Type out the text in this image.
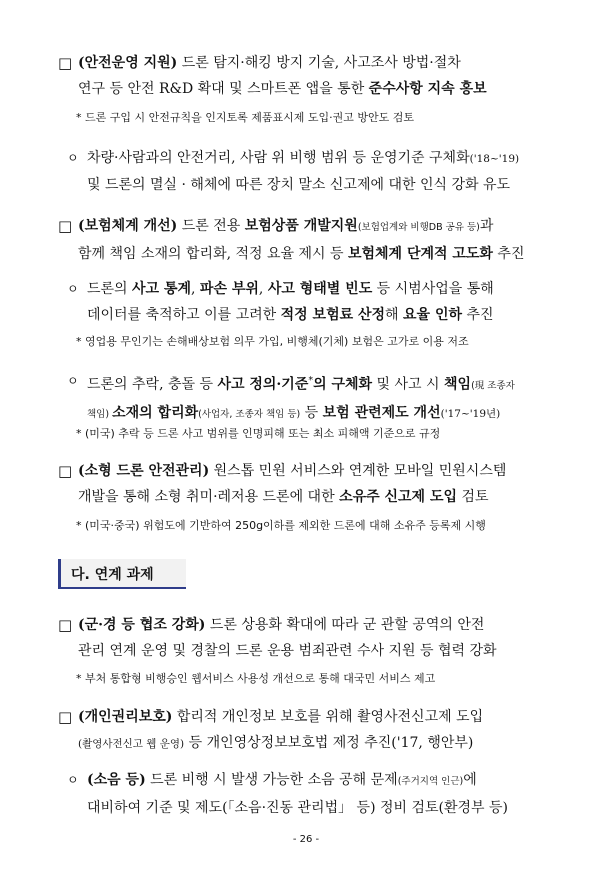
□ (안전운영 지원) 드론 탐지·해킹 방지 기술, 사고조사 방법·절차
연구 등 안전 R&D 확대 및 스마트폰 앱을 통한 준수사항 지속 홍보
* 드론 구입 시 안전규칙을 인지토록 제품표시제 도입·권고 방안도 검토
ㅇ 차량·사람과의 안전거리, 사람 위 비행 범위 등 운영기준 구체화('18~'19)
및 드론의 멸실 · 해체에 따른 장치 말소 신고제에 대한 인식 강화 유도
□ (보험체계 개선) 드론 전용 보험상품 개발지원(보험업계와 비행DB 공유 등)과
함께 책임 소재의 합리화, 적정 요율 제시 등 보험체계 단계적 고도화 추진
ㅇ 드론의 사고 통계, 파손 부위, 사고 형태별 빈도 등 시범사업을 통해
데이터를 축적하고 이를 고려한 적정 보험료 산정해 요율 인하 추진
* 영업용 무인기는 손해배상보험 의무 가입, 비행체(기체) 보험은 고가로 이용 저조
ㅇ 드론의 추락, 충돌 등 사고 정의·기준*의 구체화 및 사고 시 책임(現 조종자
책임) 소재의 합리화(사업자, 조종자 책임 등) 등 보험 관련제도 개선('17~'19년)
* (미국) 추락 등 드론 사고 범위를 인명피해 또는 최소 피해액 기준으로 규정
□ (소형 드론 안전관리) 원스톱 민원 서비스와 연계한 모바일 민원시스템
개발을 통해 소형 취미·레저용 드론에 대한 소유주 신고제 도입 검토
* (미국·중국) 위험도에 기반하여 250g이하를 제외한 드론에 대해 소유주 등록제 시행
다. 연계 과제
□ (군·경 등 협조 강화) 드론 상용화 확대에 따라 군 관할 공역의 안전
관리 연계 운영 및 경찰의 드론 운용 범죄관련 수사 지원 등 협력 강화
* 부처 통합형 비행승인 웹서비스 사용성 개선으로 통해 대국민 서비스 제고
□ (개인권리보호) 합리적 개인정보 보호를 위해 촬영사전신고제 도입
(촬영사전신고 웹 운영) 등 개인영상정보보호법 제정 추진('17, 행안부)
ㅇ (소음 등) 드론 비행 시 발생 가능한 소음 공해 문제(주거지역 인근)에
대비하여 기준 및 제도(「소음·진동 관리법」 등) 정비 검토(환경부 등)
- 26 -
